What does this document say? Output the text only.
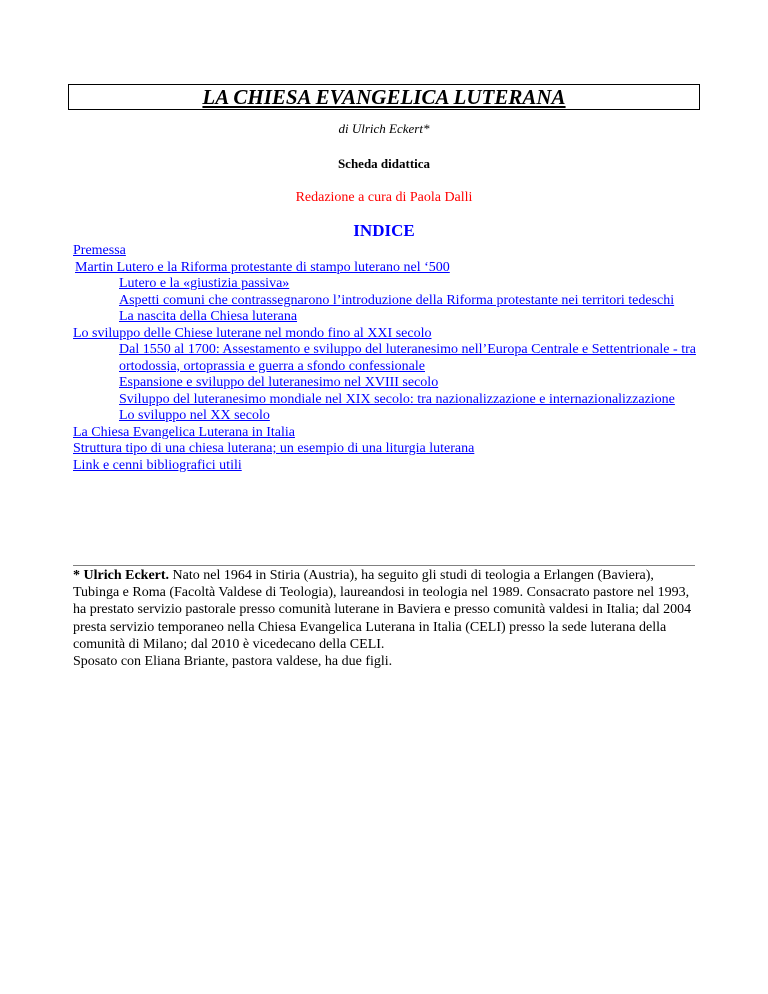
LA CHIESA EVANGELICA LUTERANA
di Ulrich Eckert*
Scheda didattica
Redazione a cura di Paola Dalli
INDICE
Premessa
Martin Lutero e la Riforma protestante di stampo luterano nel ‘500
Lutero e la «giustizia passiva»
Aspetti comuni che contrassegnarono l’introduzione della Riforma protestante nei territori tedeschi
La nascita della Chiesa luterana
Lo sviluppo delle Chiese luterane nel mondo fino al XXI secolo
Dal 1550 al 1700: Assestamento e sviluppo del luteranesimo nell’Europa Centrale e Settentrionale - tra ortodossia, ortoprassia e guerra a sfondo confessionale
Espansione e sviluppo del luteranesimo nel XVIII secolo
Sviluppo del luteranesimo mondiale nel XIX secolo: tra nazionalizzazione e internazionalizzazione
Lo sviluppo nel XX secolo
La Chiesa Evangelica Luterana in Italia
Struttura tipo di una chiesa luterana; un esempio di una liturgia luterana
Link e cenni bibliografici utili
* Ulrich Eckert. Nato nel 1964 in Stiria (Austria), ha seguito gli studi di teologia a Erlangen (Baviera), Tubinga e Roma (Facoltà Valdese di Teologia), laureandosi in teologia nel 1989. Consacrato pastore nel 1993, ha prestato servizio pastorale presso comunità luterane in Baviera e presso comunità valdesi in Italia; dal 2004 presta servizio temporaneo nella Chiesa Evangelica Luterana in Italia (CELI) presso la sede luterana della comunità di Milano; dal 2010 è vicedecano della CELI.
Sposato con Eliana Briante, pastora valdese, ha due figli.
